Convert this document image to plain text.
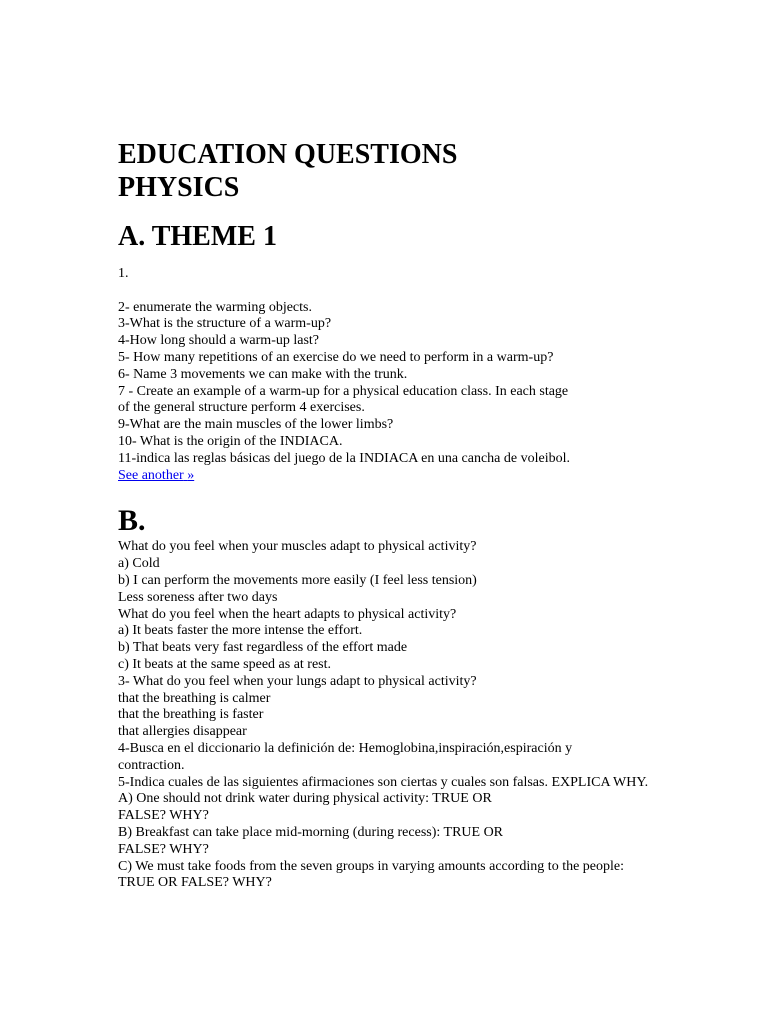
EDUCATION QUESTIONS
PHYSICS
A. THEME 1
1.
2- enumerate the warming objects.
3-What is the structure of a warm-up?
4-How long should a warm-up last?
5- How many repetitions of an exercise do we need to perform in a warm-up?
6- Name 3 movements we can make with the trunk.
7 - Create an example of a warm-up for a physical education class. In each stage of the general structure perform 4 exercises.
9-What are the main muscles of the lower limbs?
10- What is the origin of the INDIACA.
11-indica las reglas básicas del juego de la INDIACA en una cancha de voleibol.
See another »
B.
What do you feel when your muscles adapt to physical activity?
a) Cold
b) I can perform the movements more easily (I feel less tension)
Less soreness after two days
What do you feel when the heart adapts to physical activity?
a) It beats faster the more intense the effort.
b) That beats very fast regardless of the effort made
c) It beats at the same speed as at rest.
3- What do you feel when your lungs adapt to physical activity?
that the breathing is calmer
that the breathing is faster
that allergies disappear
4-Busca en el diccionario la definición de: Hemoglobina,inspiración,espiración y contraction.
5-Indica cuales de las siguientes afirmaciones son ciertas y cuales son falsas. EXPLICA WHY.
A) One should not drink water during physical activity: TRUE OR FALSE? WHY?
B) Breakfast can take place mid-morning (during recess): TRUE OR FALSE? WHY?
C) We must take foods from the seven groups in varying amounts according to the people: TRUE OR FALSE? WHY?
